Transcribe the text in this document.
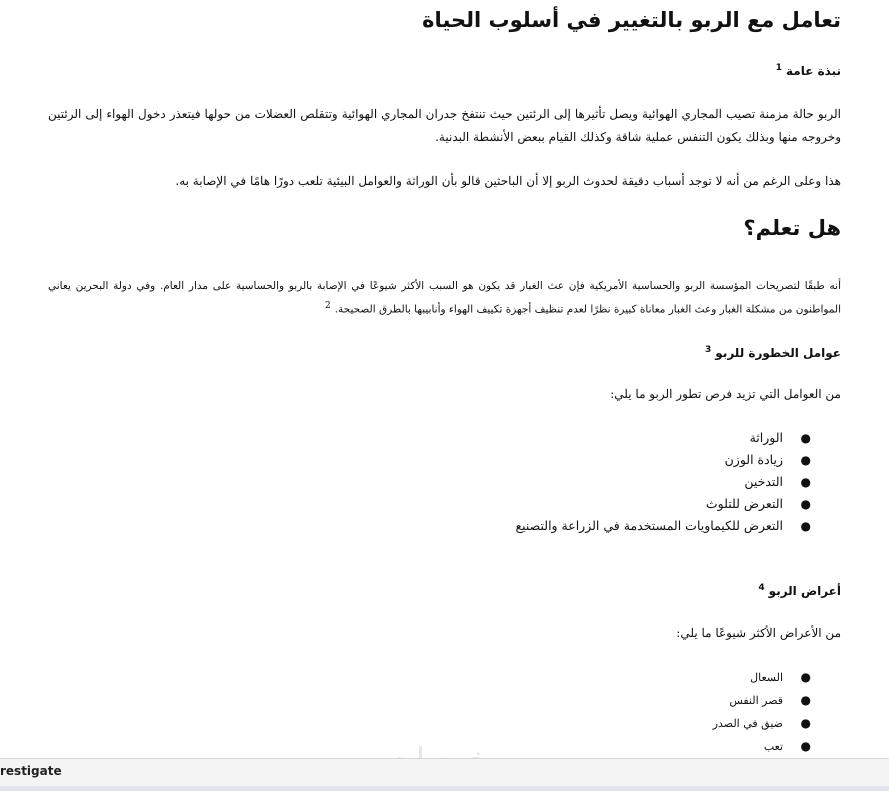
تعامل مع الربو بالتغيير في أسلوب الحياة
نبذة عامة$^1$

الربو حالة مزمنة تصيب المجاري الهوائية ويصل تأثيرها إلى الرئتين حيث تنتفخ جدران المجاري الهوائية وتتقلص العضلات من حولها فيتعذر دخول الهواء إلى الرئتين وخروجه منها وبذلك يكون التنفس عملية شاقة وكذلك القيام ببعض الأنشطة البدنية.

هذا وعلى الرغم من أنه لا توجد أسباب دقيقة لحدوث الربو إلا أن الباحثين قالو بأن الوراثة والعوامل البيئية تلعب دورًا هامًا في الإصابة به.

هل تعلم؟

أنه طبقًا لتصريحات المؤسسة الربو والحساسية الأمريكية فإن عث الغبار قد يكون هو السبب الأكثر شيوعًا في الإصابة بالربو والحساسية على مدار العام. وفي دولة البحرين يعاني المواطنون من مشكلة الغبار وعث الغبار معاناة كبيرة نظرًا لعدم تنظيف أجهزة تكييف الهواء وأنابيبها بالطرق الصحيحة.$^2$

عوامل الخطورة للربو$^3$

من العوامل التي تزيد فرص تطور الربو ما يلي:

●
الوراثة
●
زيادة الوزن
●
التدخين
●
التعرض للتلوث
●
التعرض للكيماويات المستخدمة في الزراعة والتصنيع
أعراض الربو$^4$

من الأعراض الأكثر شيوعًا ما يلي:

●
السعال
●
قصر النفس
●
ضيق في الصدر
●
تعب
restigate
